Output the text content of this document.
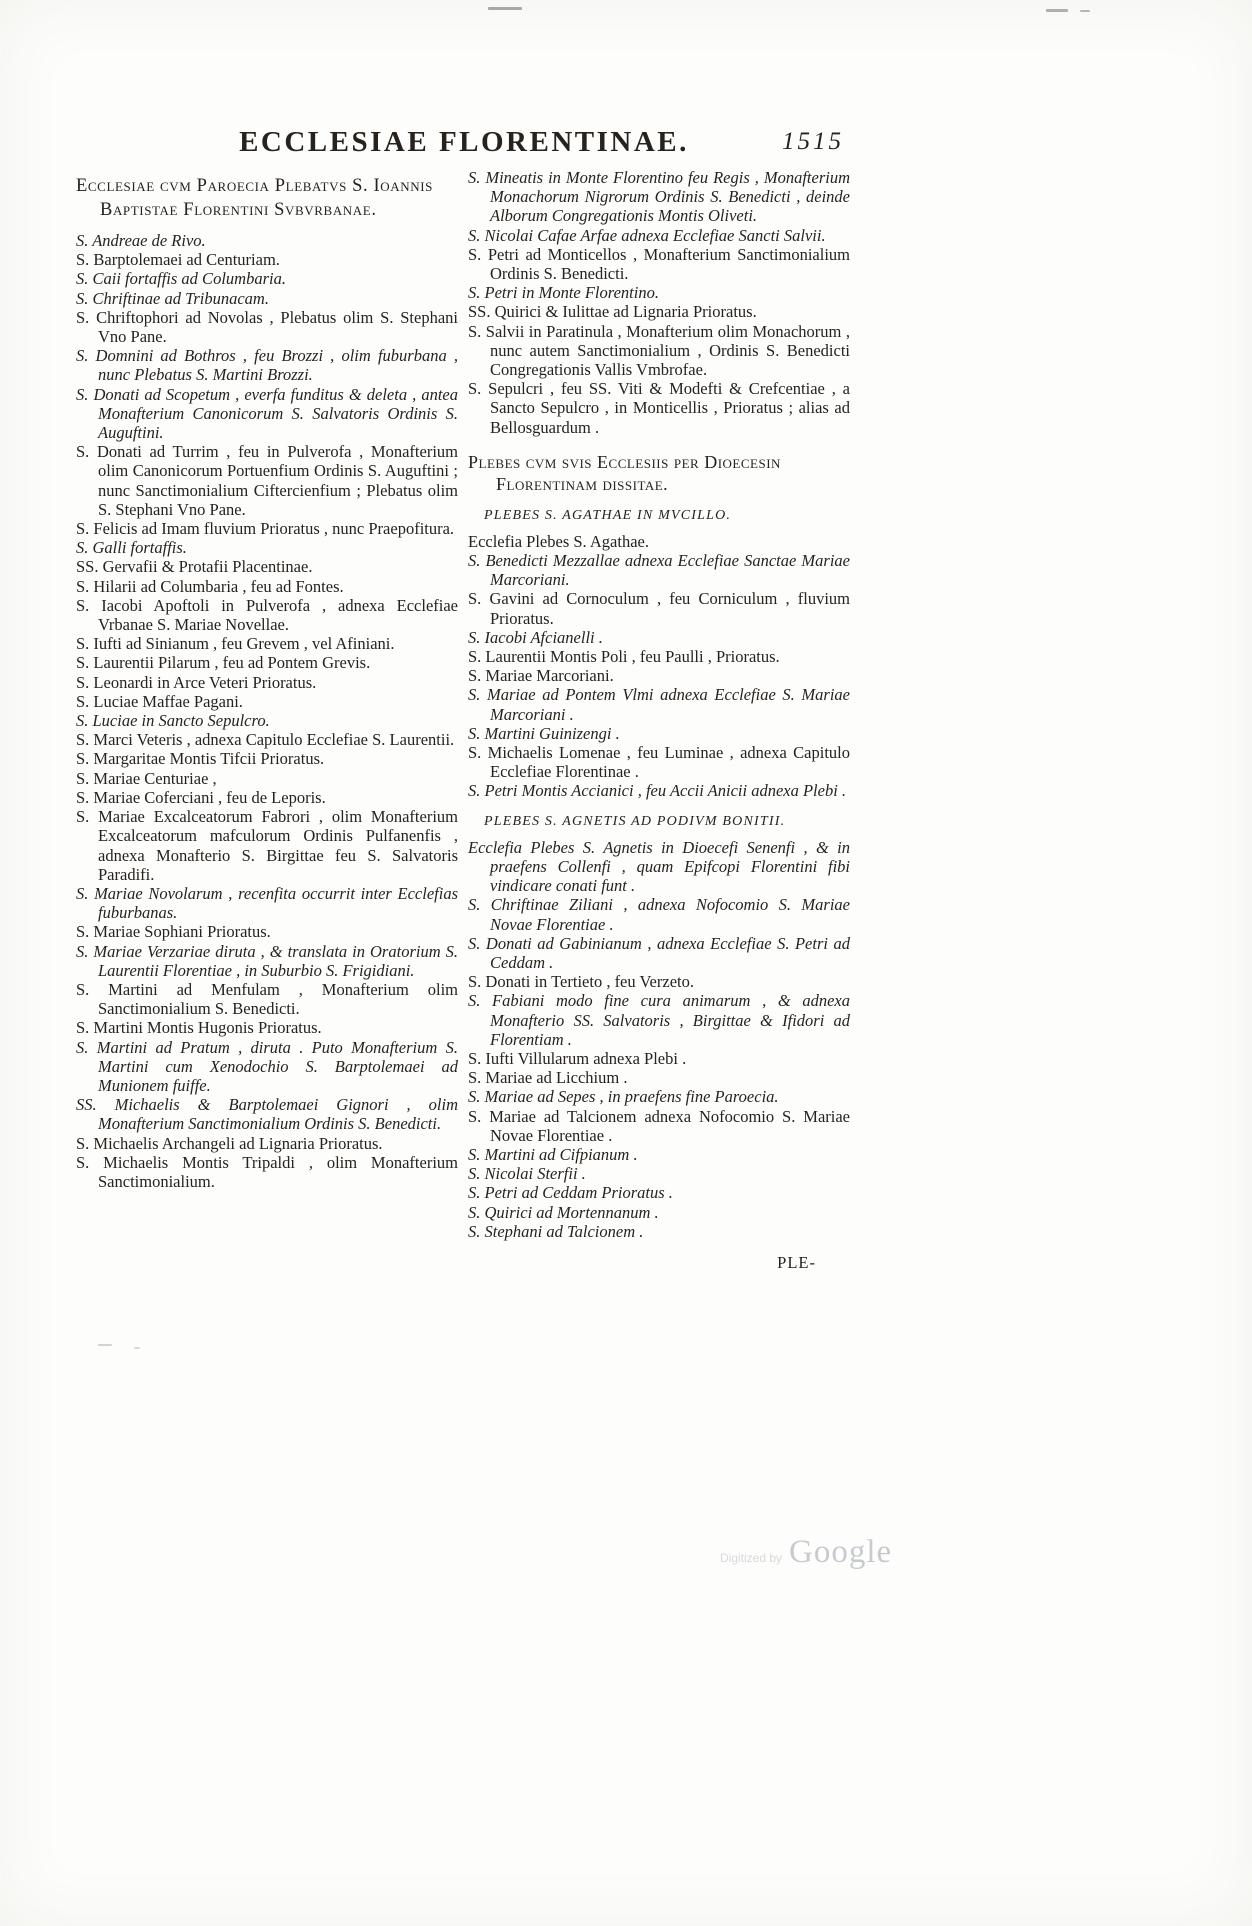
ECCLESIAE FLORENTINAE.	1515
Ecclesiae cvm Paroecia Plebatvs S. Ioannis Baptistae Florentini Svbvrbanae.

S. Andreae de Rivo.

S. Barptolemaei ad Centuriam.

S. Caii fortaffis ad Columbaria.

S. Chriftinae ad Tribunacam.

S. Chriftophori ad Novolas , Plebatus olim S. Stephani Vno Pane.

S. Domnini ad Bothros , feu Brozzi , olim fuburbana , nunc Plebatus S. Martini Brozzi.

S. Donati ad Scopetum , everfa funditus & deleta , antea Monafterium Canonicorum S. Salvatoris Ordinis S. Auguftini.

S. Donati ad Turrim , feu in Pulverofa , Monafterium olim Canonicorum Portuenfium Ordinis S. Auguftini ; nunc Sanctimonialium Ciftercienfium ; Plebatus olim S. Stephani Vno Pane.

S. Felicis ad Imam fluvium Prioratus , nunc Praepofitura.

S. Galli fortaffis.

SS. Gervafii & Protafii Placentinae.

S. Hilarii ad Columbaria , feu ad Fontes.

S. Iacobi Apoftoli in Pulverofa , adnexa Ecclefiae Vrbanae S. Mariae Novellae.

S. Iufti ad Sinianum , feu Grevem , vel Afiniani.

S. Laurentii Pilarum , feu ad Pontem Grevis.

S. Leonardi in Arce Veteri Prioratus.

S. Luciae Maffae Pagani.

S. Luciae in Sancto Sepulcro.

S. Marci Veteris , adnexa Capitulo Ecclefiae S. Laurentii.

S. Margaritae Montis Tifcii Prioratus.

S. Mariae Centuriae ,

S. Mariae Coferciani , feu de Leporis.

S. Mariae Excalceatorum Fabrori , olim Monafterium Excalceatorum mafculorum Ordinis Pulfanenfis , adnexa Monafterio S. Birgittae feu S. Salvatoris Paradifi.

S. Mariae Novolarum , recenfita occurrit inter Ecclefias fuburbanas.

S. Mariae Sophiani Prioratus.

S. Mariae Verzariae diruta , & translata in Oratorium S. Laurentii Florentiae , in Suburbio S. Frigidiani.

S. Martini ad Menfulam , Monafterium olim Sanctimonialium S. Benedicti.

S. Martini Montis Hugonis Prioratus.

S. Martini ad Pratum , diruta . Puto Monafterium S. Martini cum Xenodochio S. Barptolemaei ad Munionem fuiffe.

SS. Michaelis & Barptolemaei Gignori , olim Monafterium Sanctimonialium Ordinis S. Benedicti.

S. Michaelis Archangeli ad Lignaria Prioratus.

S. Michaelis Montis Tripaldi , olim Monafterium Sanctimonialium.

S. Mineatis in Monte Florentino feu Regis , Monafterium Monachorum Nigrorum Ordinis S. Benedicti , deinde Alborum Congregationis Montis Oliveti.

S. Nicolai Cafae Arfae adnexa Ecclefiae Sancti Salvii.

S. Petri ad Monticellos , Monafterium Sanctimonialium Ordinis S. Benedicti.

S. Petri in Monte Florentino.

SS. Quirici & Iulittae ad Lignaria Prioratus.

S. Salvii in Paratinula , Monafterium olim Monachorum , nunc autem Sanctimonialium , Ordinis S. Benedicti Congregationis Vallis Vmbrofae.

S. Sepulcri , feu SS. Viti & Modefti & Crefcentiae , a Sancto Sepulcro , in Monticellis , Prioratus ; alias ad Bellosguardum .

Plebes cvm svis Ecclesiis per Dioecesin Florentinam dissitae.

PLEBES S. AGATHAE IN MVCILLO.

Ecclefia Plebes S. Agathae.

S. Benedicti Mezzallae adnexa Ecclefiae Sanctae Mariae Marcoriani.

S. Gavini ad Cornoculum , feu Corniculum , fluvium Prioratus.

S. Iacobi Afcianelli .

S. Laurentii Montis Poli , feu Paulli , Prioratus.

S. Mariae Marcoriani.

S. Mariae ad Pontem Vlmi adnexa Ecclefiae S. Mariae Marcoriani .

S. Martini Guinizengi .

S. Michaelis Lomenae , feu Luminae , adnexa Capitulo Ecclefiae Florentinae .

S. Petri Montis Accianici , feu Accii Anicii adnexa Plebi .

PLEBES S. AGNETIS AD PODIVM BONITII.

Ecclefia Plebes S. Agnetis in Dioecefi Senenfi , & in praefens Collenfi , quam Epifcopi Florentini fibi vindicare conati funt .

S. Chriftinae Ziliani , adnexa Nofocomio S. Mariae Novae Florentiae .

S. Donati ad Gabinianum , adnexa Ecclefiae S. Petri ad Ceddam .

S. Donati in Tertieto , feu Verzeto.

S. Fabiani modo fine cura animarum , & adnexa Monafterio SS. Salvatoris , Birgittae & Ifidori ad Florentiam .

S. Iufti Villularum adnexa Plebi .

S. Mariae ad Licchium .

S. Mariae ad Sepes , in praefens fine Paroecia.

S. Mariae ad Talcionem adnexa Nofocomio S. Mariae Novae Florentiae .

S. Martini ad Cifpianum .

S. Nicolai Sterfii .

S. Petri ad Ceddam Prioratus .

S. Quirici ad Mortennanum .

S. Stephani ad Talcionem .

PLE-

Digitized by Google
